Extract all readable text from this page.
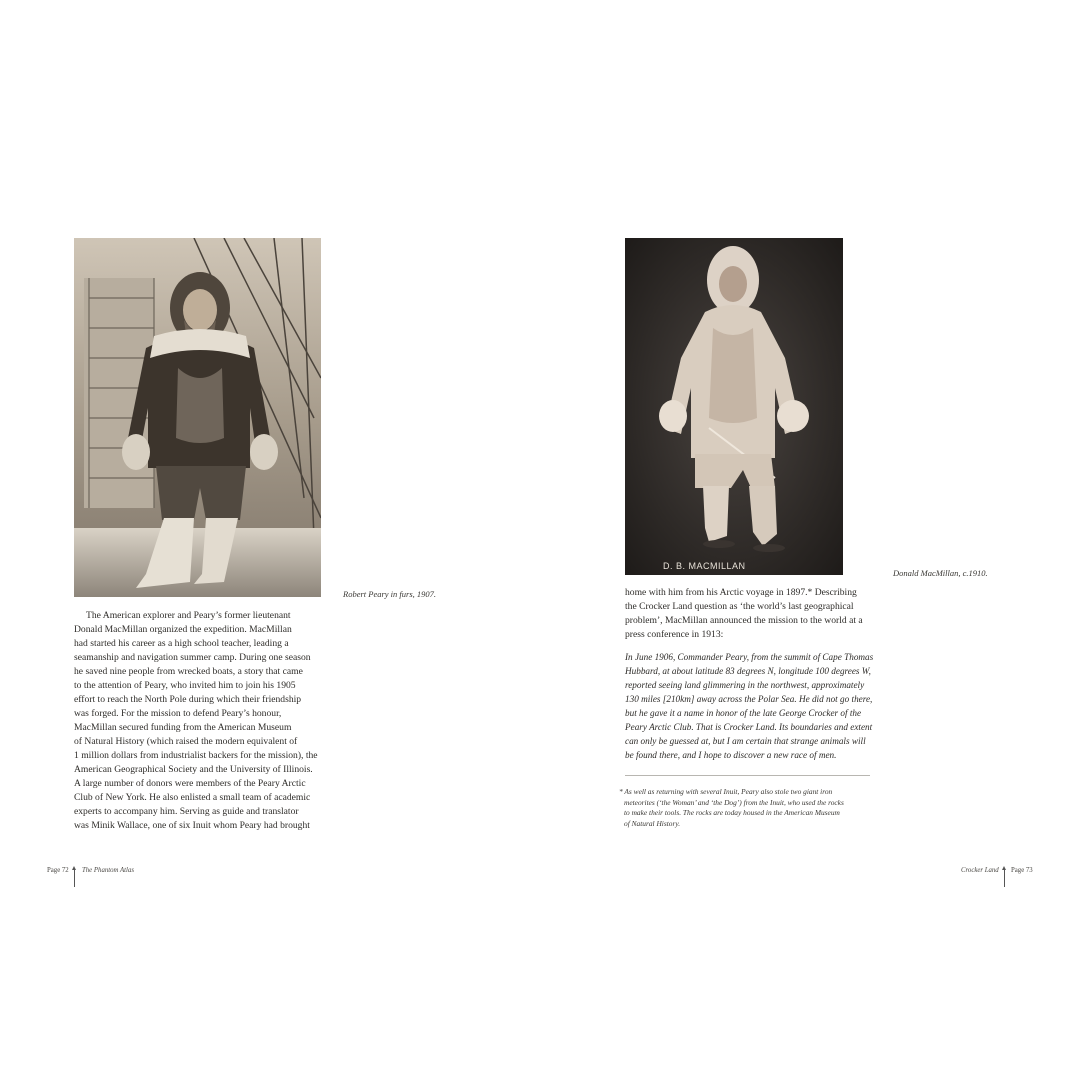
Robert Peary in furs, 1907.
The American explorer and Peary’s former lieutenant
Donald MacMillan organized the expedition. MacMillan
had started his career as a high school teacher, leading a
seamanship and navigation summer camp. During one season
he saved nine people from wrecked boats, a story that came
to the attention of Peary, who invited him to join his 1905
effort to reach the North Pole during which their friendship
was forged. For the mission to defend Peary’s honour,
MacMillan secured funding from the American Museum
of Natural History (which raised the modern equivalent of
1 million dollars from industrialist backers for the mission), the
American Geographical Society and the University of Illinois.
A large number of donors were members of the Peary Arctic
Club of New York. He also enlisted a small team of academic
experts to accompany him. Serving as guide and translator
was Minik Wallace, one of six Inuit whom Peary had brought
Page 72 The Phantom Atlas
D. B. MACMILLAN
Donald MacMillan, c.1910.
home with him from his Arctic voyage in 1897.* Describing
the Crocker Land question as ‘the world’s last geographical
problem’, MacMillan announced the mission to the world at a
press conference in 1913:
In June 1906, Commander Peary, from the summit of Cape Thomas
Hubbard, at about latitude 83 degrees N, longitude 100 degrees W,
reported seeing land glimmering in the northwest, approximately
130 miles [210km] away across the Polar Sea. He did not go there,
but he gave it a name in honor of the late George Crocker of the
Peary Arctic Club. That is Crocker Land. Its boundaries and extent
can only be guessed at, but I am certain that strange animals will
be found there, and I hope to discover a new race of men.
* As well as returning with several Inuit, Peary also stole two giant iron
meteorites (‘the Woman’ and ‘the Dog’) from the Inuit, who used the rocks
to make their tools. The rocks are today housed in the American Museum
of Natural History.
Crocker Land Page 73
